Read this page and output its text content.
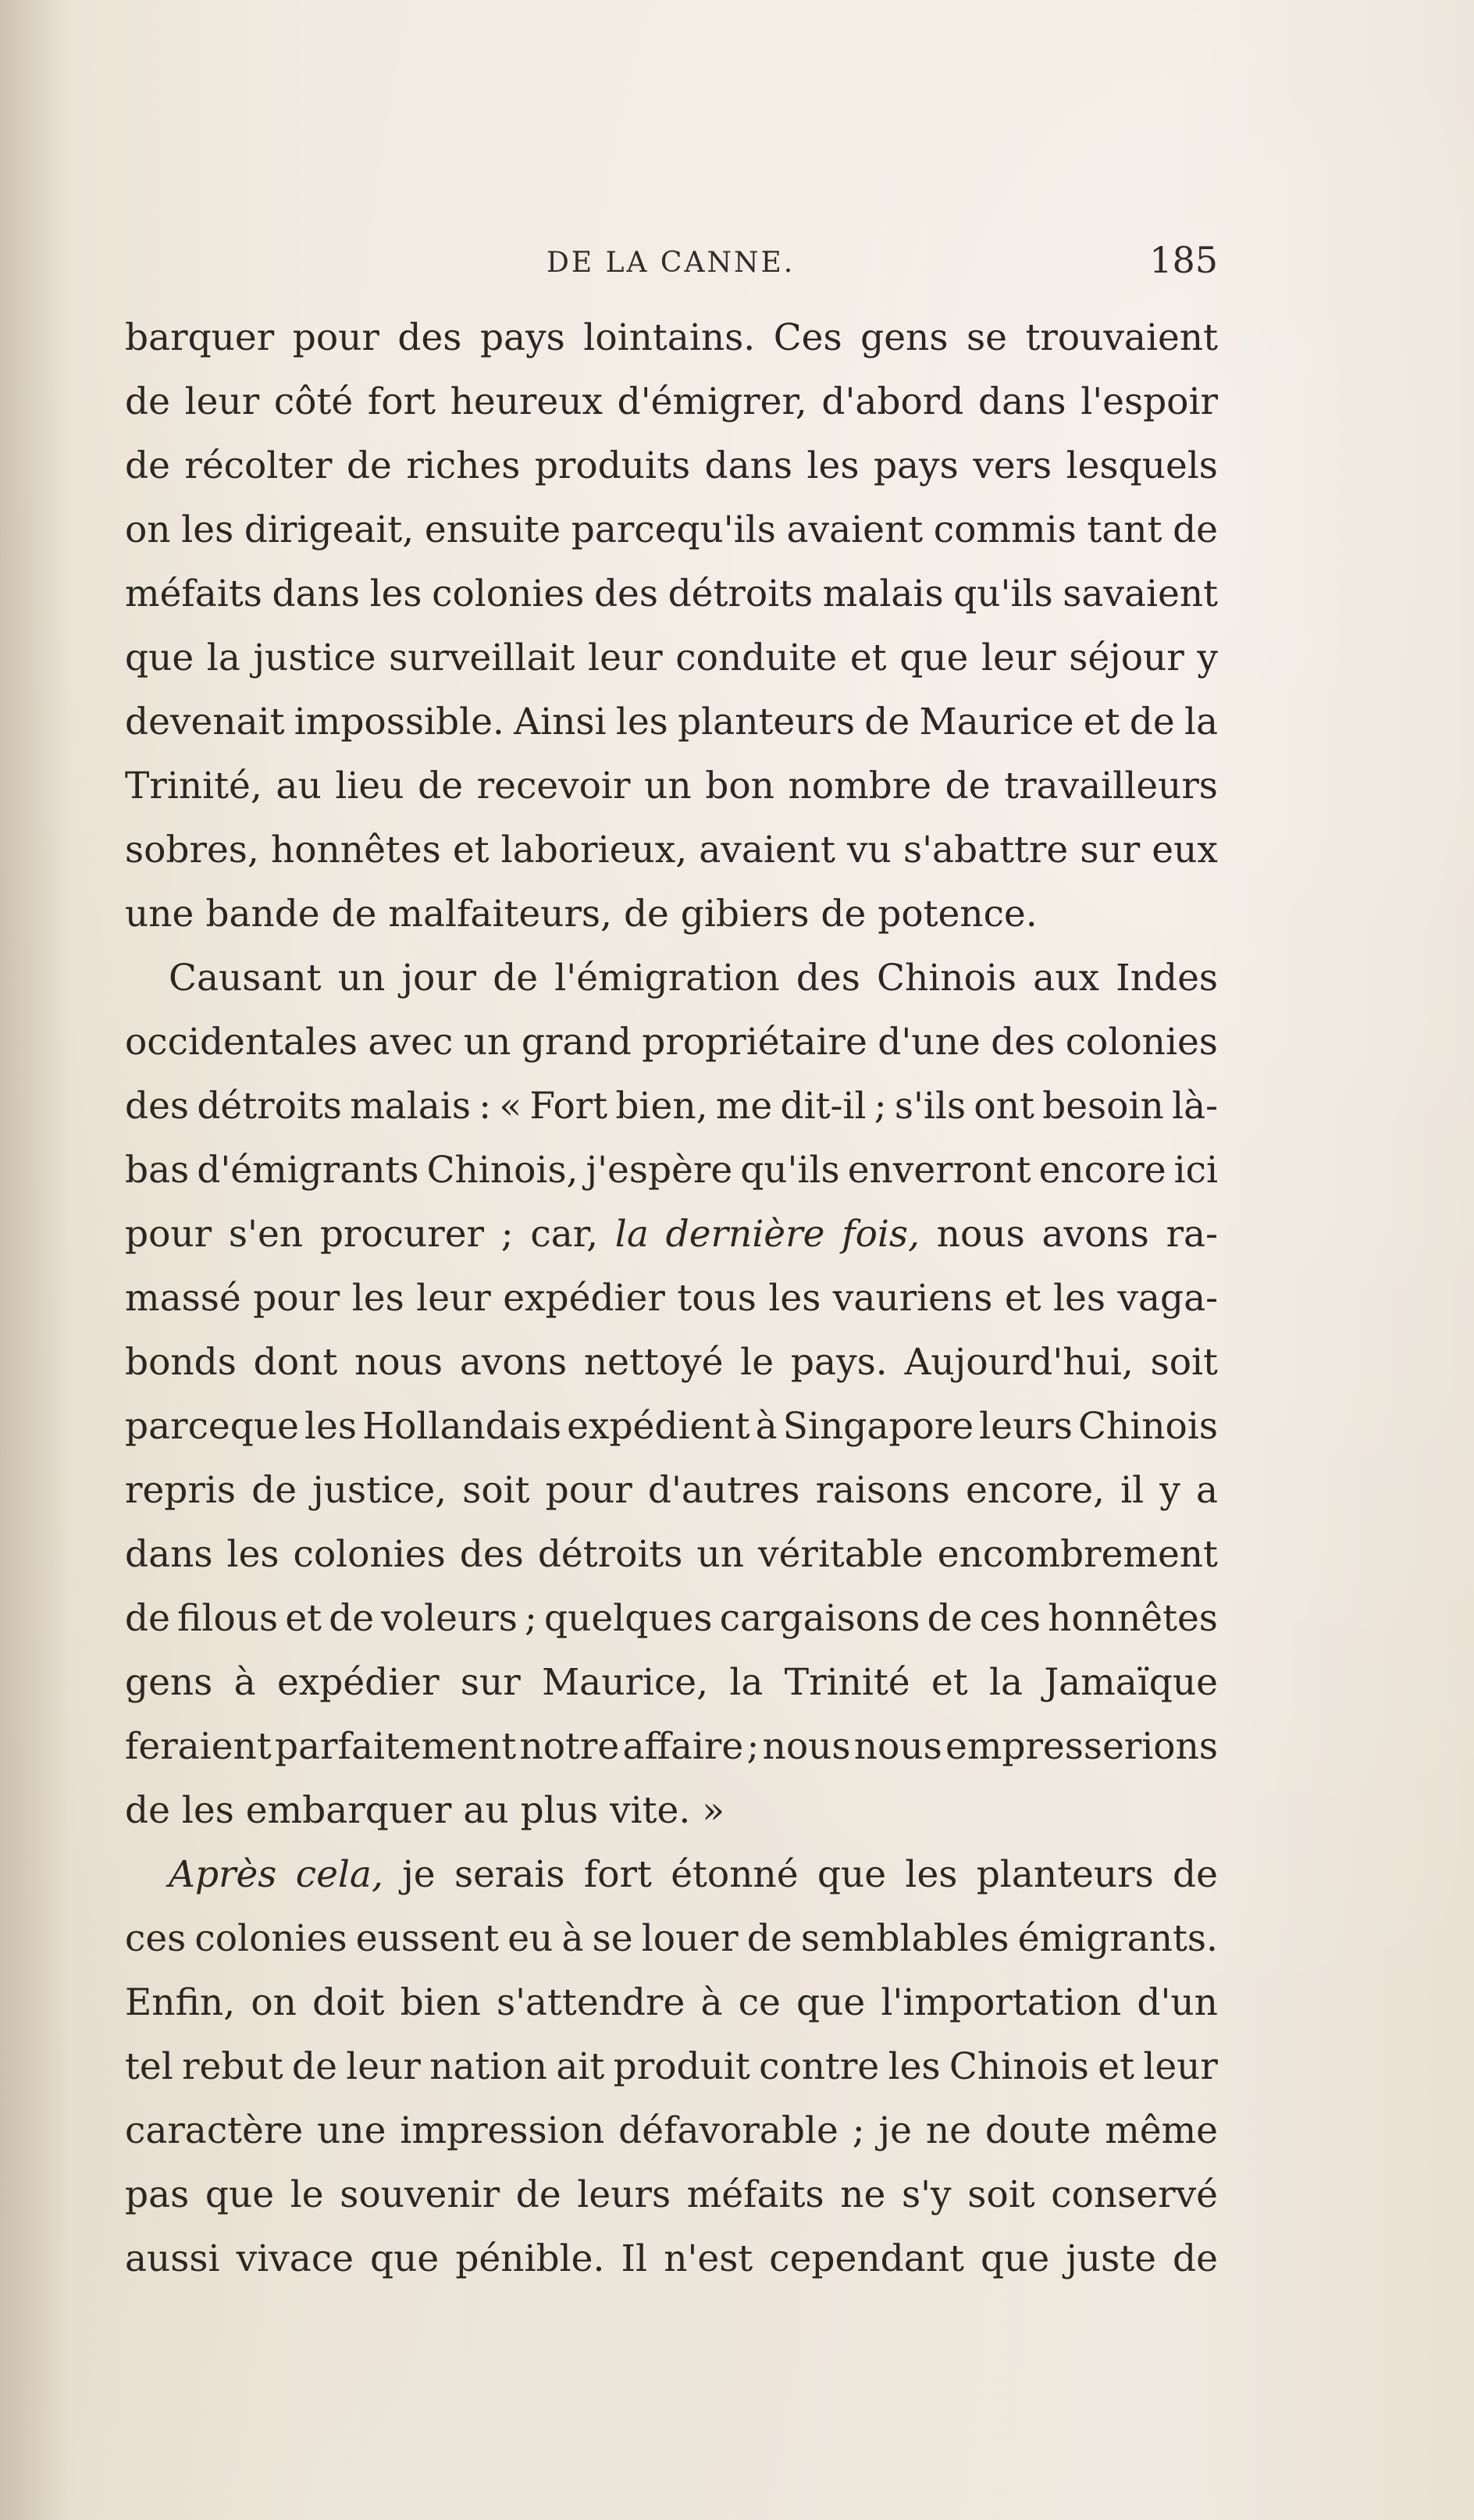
DE LA CANNE.	185
barquer pour des pays lointains. Ces gens se trouvaient
de leur côté fort heureux d'émigrer, d'abord dans l'espoir
de récolter de riches produits dans les pays vers lesquels
on les dirigeait, ensuite parcequ'ils avaient commis tant de
méfaits dans les colonies des détroits malais qu'ils savaient
que la justice surveillait leur conduite et que leur séjour y
devenait impossible. Ainsi les planteurs de Maurice et de la
Trinité, au lieu de recevoir un bon nombre de travailleurs
sobres, honnêtes et laborieux, avaient vu s'abattre sur eux
une
bande
de
malfaiteurs,
de
gibiers
de
potence.
Causant un jour de l'émigration des Chinois aux Indes
occidentales avec un grand propriétaire d'une des colonies
des détroits malais : « Fort bien, me dit-il ; s'ils ont besoin là-
bas d'émigrants Chinois, j'espère qu'ils enverront encore ici
pour s'en procurer ; car, la dernière fois, nous avons ra-
massé pour les leur expédier tous les vauriens et les vaga-
bonds dont nous avons nettoyé le pays. Aujourd'hui, soit
parceque les Hollandais expédient à Singapore leurs Chinois
repris de justice, soit pour d'autres raisons encore, il y a
dans les colonies des détroits un véritable encombrement
de filous et de voleurs ; quelques cargaisons de ces honnêtes
gens à expédier sur Maurice, la Trinité et la Jamaïque
feraient parfaitement notre affaire ; nous nous empresserions
de
les
embarquer
au
plus
vite.
»
Après cela, je serais fort étonné que les planteurs de
ces colonies eussent eu à se louer de semblables émigrants.
Enfin, on doit bien s'attendre à ce que l'importation d'un
tel rebut de leur nation ait produit contre les Chinois et leur
caractère une impression défavorable ; je ne doute même
pas que le souvenir de leurs méfaits ne s'y soit conservé
aussi vivace que pénible. Il n'est cependant que juste de
